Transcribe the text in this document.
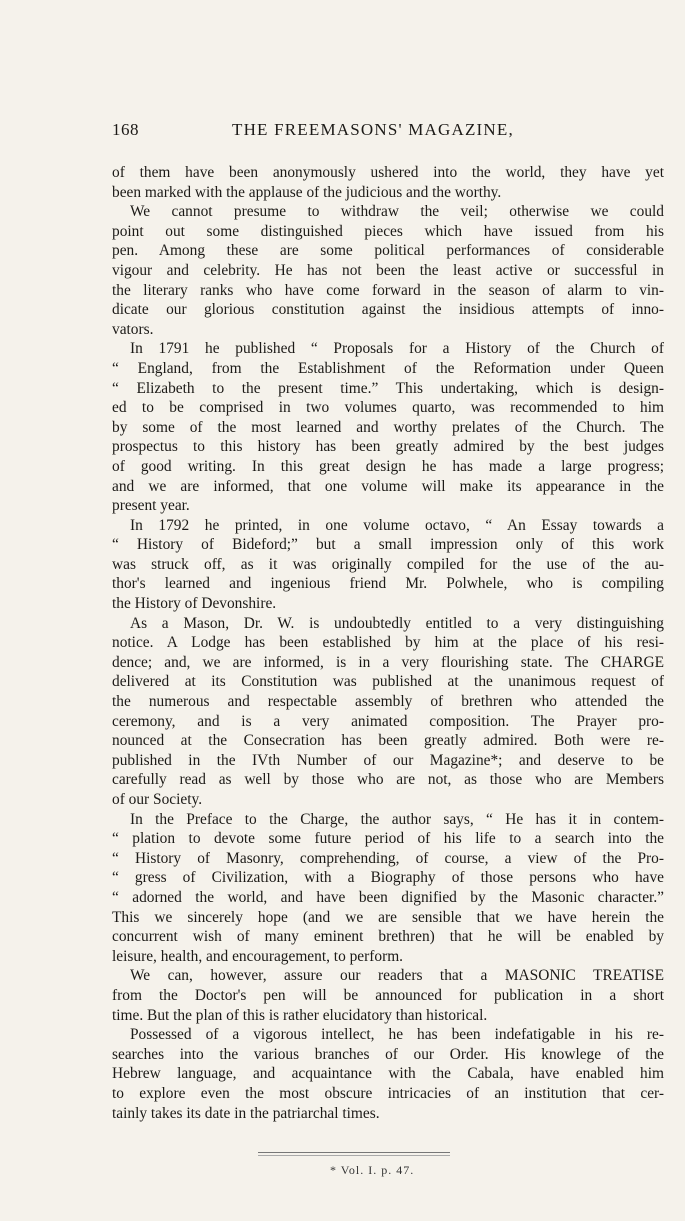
168	THE FREEMASONS' MAGAZINE,
of them have been anonymously ushered into the world, they have yet
been marked with the applause of the judicious and the worthy.
We cannot presume to withdraw the veil; otherwise we could
point out some distinguished pieces which have issued from his
pen. Among these are some political performances of considerable
vigour and celebrity. He has not been the least active or successful in
the literary ranks who have come forward in the season of alarm to vin-
dicate our glorious constitution against the insidious attempts of inno-
vators.
In 1791 he published “ Proposals for a History of the Church of
“ England, from the Establishment of the Reformation under Queen
“ Elizabeth to the present time.” This undertaking, which is design-
ed to be comprised in two volumes quarto, was recommended to him
by some of the most learned and worthy prelates of the Church. The
prospectus to this history has been greatly admired by the best judges
of good writing. In this great design he has made a large progress;
and we are informed, that one volume will make its appearance in the
present year.
In 1792 he printed, in one volume octavo, “ An Essay towards a
“ History of Bideford;” but a small impression only of this work
was struck off, as it was originally compiled for the use of the au-
thor's learned and ingenious friend Mr. Polwhele, who is compiling
the History of Devonshire.
As a Mason, Dr. W. is undoubtedly entitled to a very distinguishing
notice. A Lodge has been established by him at the place of his resi-
dence; and, we are informed, is in a very flourishing state. The CHARGE
delivered at its Constitution was published at the unanimous request of
the numerous and respectable assembly of brethren who attended the
ceremony, and is a very animated composition. The Prayer pro-
nounced at the Consecration has been greatly admired. Both were re-
published in the IVth Number of our Magazine*; and deserve to be
carefully read as well by those who are not, as those who are Members
of our Society.
In the Preface to the Charge, the author says, “ He has it in contem-
“ plation to devote some future period of his life to a search into the
“ History of Masonry, comprehending, of course, a view of the Pro-
“ gress of Civilization, with a Biography of those persons who have
“ adorned the world, and have been dignified by the Masonic character.”
This we sincerely hope (and we are sensible that we have herein the
concurrent wish of many eminent brethren) that he will be enabled by
leisure, health, and encouragement, to perform.
We can, however, assure our readers that a MASONIC TREATISE
from the Doctor's pen will be announced for publication in a short
time. But the plan of this is rather elucidatory than historical.
Possessed of a vigorous intellect, he has been indefatigable in his re-
searches into the various branches of our Order. His knowlege of the
Hebrew language, and acquaintance with the Cabala, have enabled him
to explore even the most obscure intricacies of an institution that cer-
tainly takes its date in the patriarchal times.
* Vol. I. p. 47.
